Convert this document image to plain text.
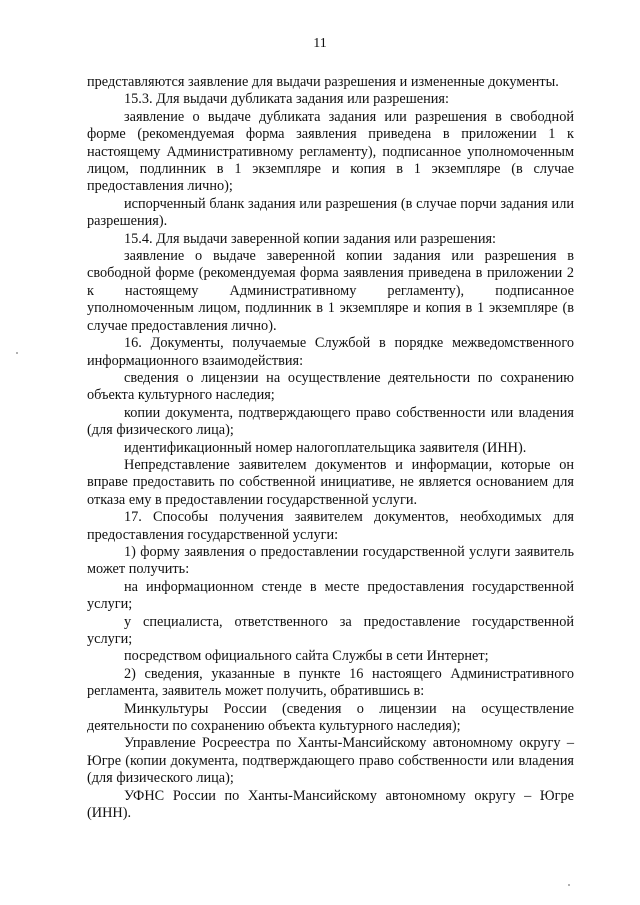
11

представляются заявление для выдачи разрешения и измененные документы.

15.3. Для выдачи дубликата задания или разрешения:

заявление о выдаче дубликата задания или разрешения в свободной форме (рекомендуемая форма заявления приведена в приложении 1 к настоящему Административному регламенту), подписанное уполномоченным лицом, подлинник в 1 экземпляре и копия в 1 экземпляре (в случае предоставления лично);

испорченный бланк задания или разрешения (в случае порчи задания или разрешения).

15.4. Для выдачи заверенной копии задания или разрешения:

заявление о выдаче заверенной копии задания или разрешения в свободной форме (рекомендуемая форма заявления приведена в приложении 2 к настоящему Административному регламенту), подписанное уполномоченным лицом, подлинник в 1 экземпляре и копия в 1 экземпляре (в случае предоставления лично).

16. Документы, получаемые Службой в порядке межведомственного информационного взаимодействия:

сведения о лицензии на осуществление деятельности по сохранению объекта культурного наследия;

копии документа, подтверждающего право собственности или владения (для физического лица);

идентификационный номер налогоплательщика заявителя (ИНН).

Непредставление заявителем документов и информации, которые он вправе предоставить по собственной инициативе, не является основанием для отказа ему в предоставлении государственной услуги.

17. Способы получения заявителем документов, необходимых для предоставления государственной услуги:

1) форму заявления о предоставлении государственной услуги заявитель может получить:

на информационном стенде в месте предоставления государственной услуги;

у специалиста, ответственного за предоставление государственной услуги;

посредством официального сайта Службы в сети Интернет;

2) сведения, указанные в пункте 16 настоящего Административного регламента, заявитель может получить, обратившись в:

Минкультуры России (сведения о лицензии на осуществление деятельности по сохранению объекта культурного наследия);

Управление Росреестра по Ханты-Мансийскому автономному округу – Югре (копии документа, подтверждающего право собственности или владения (для физического лица);

УФНС России по Ханты-Мансийскому автономному округу – Югре (ИНН).
